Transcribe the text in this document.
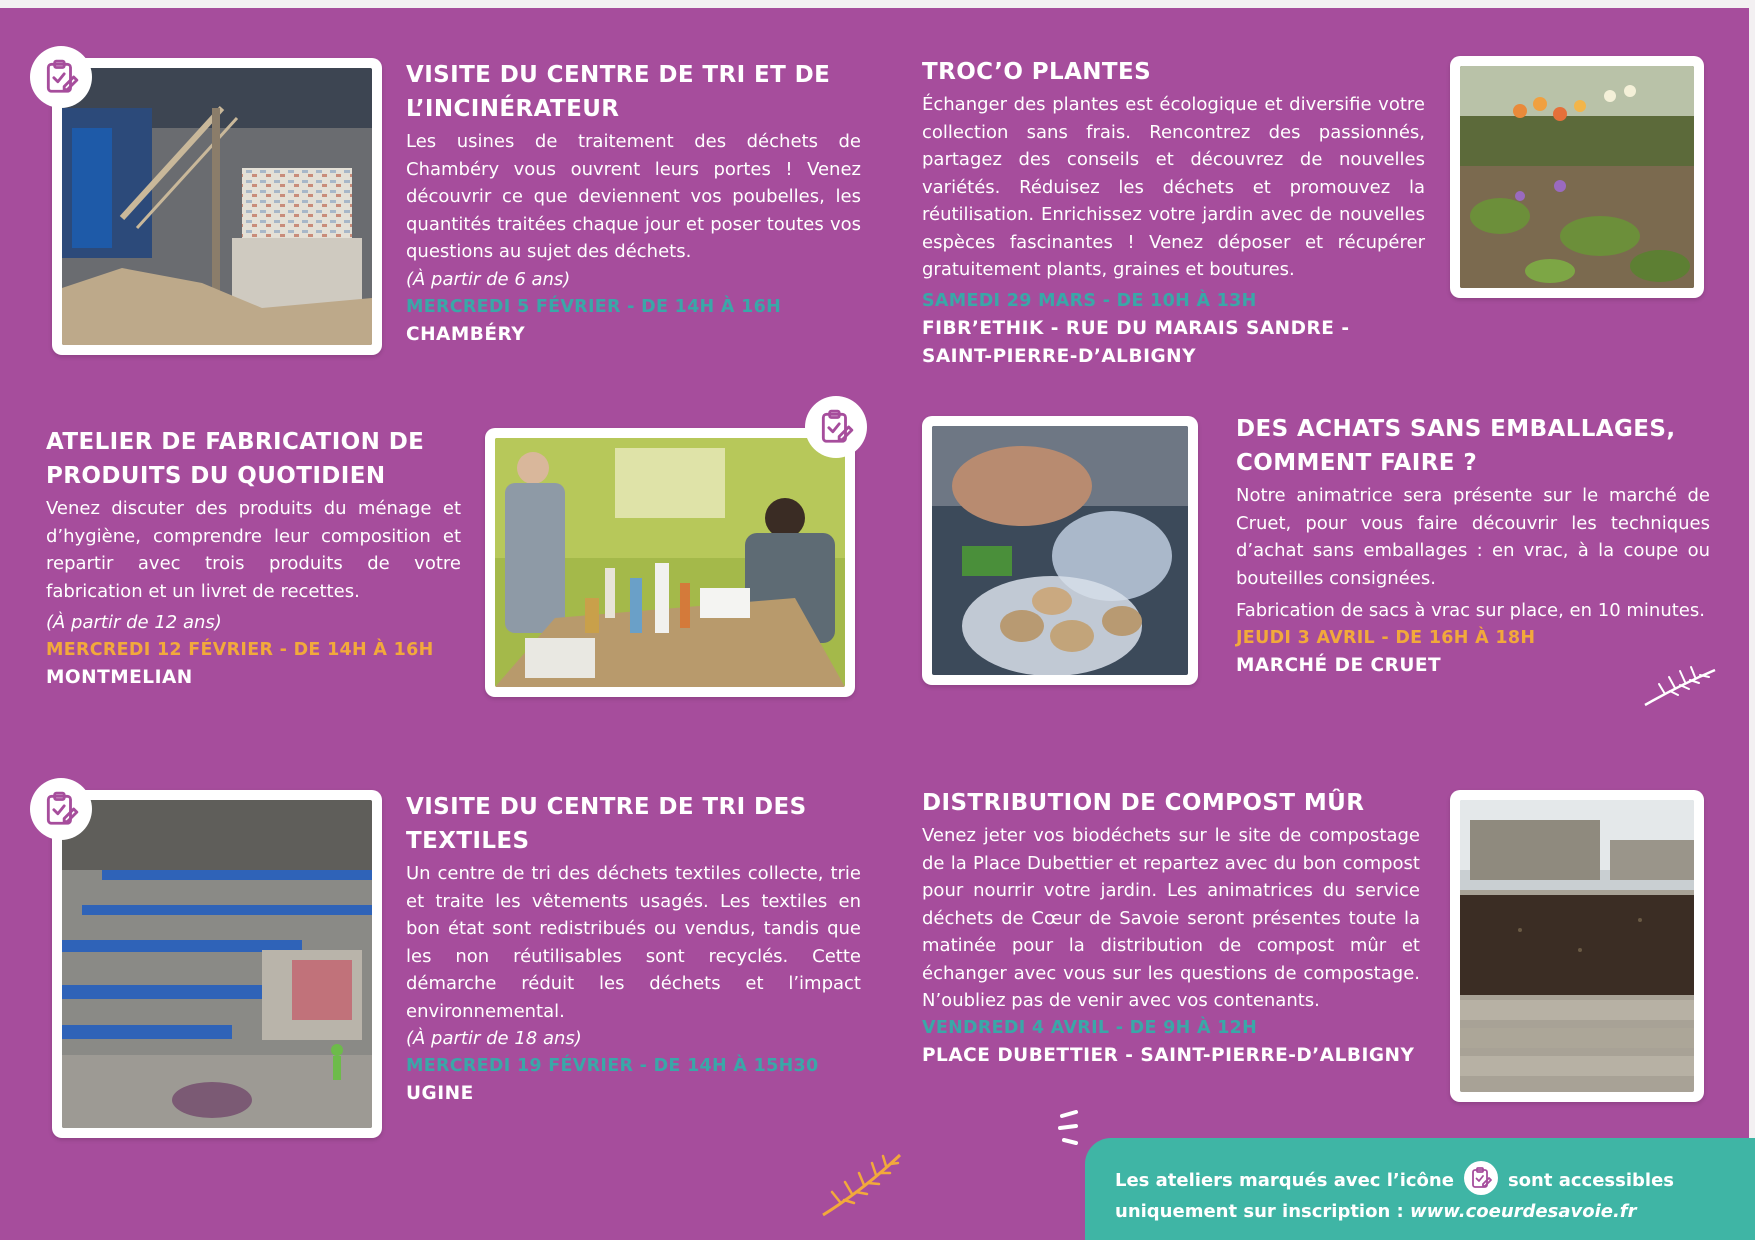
VISITE DU CENTRE DE TRI ET DE L’INCINÉRATEUR

Les usines de traitement des déchets de Chambéry vous ouvrent leurs portes ! Venez découvrir ce que deviennent vos poubelles, les quantités traitées chaque jour et poser toutes vos questions au sujet des déchets.

(À partir de 6 ans)
MERCREDI 5 FÉVRIER - DE 14H À 16H
CHAMBÉRY
ATELIER DE FABRICATION DE PRODUITS DU QUOTIDIEN

Venez discuter des produits du ménage et d’hygiène, comprendre leur composition et repartir avec trois produits de votre fabrication et un livret de recettes.

(À partir de 12 ans)
MERCREDI 12 FÉVRIER - DE 14H À 16H
MONTMELIAN
VISITE DU CENTRE DE TRI DES TEXTILES

Un centre de tri des déchets textiles collecte, trie et traite les vêtements usagés. Les textiles en bon état sont redistribués ou vendus, tandis que les non réutilisables sont recyclés. Cette démarche réduit les déchets et l’impact environnemental.

(À partir de 18 ans)
MERCREDI 19 FÉVRIER - DE 14H À 15H30
UGINE
TROC’O PLANTES

Échanger des plantes est écologique et diversifie votre collection sans frais. Rencontrez des passionnés, partagez des conseils et découvrez de nouvelles variétés. Réduisez les déchets et promouvez la réutilisation. Enrichissez votre jardin avec de nouvelles espèces fascinantes ! Venez déposer et récupérer gratuitement plants, graines et boutures.

SAMEDI 29 MARS - DE 10H À 13H
FIBR’ETHIK - RUE DU MARAIS SANDRE - SAINT-PIERRE-D’ALBIGNY
DES ACHATS SANS EMBALLAGES, COMMENT FAIRE ?

Notre animatrice sera présente sur le marché de Cruet, pour vous faire découvrir les techniques d’achat sans emballages : en vrac, à la coupe ou bouteilles consignées.

Fabrication de sacs à vrac sur place, en 10 minutes.

JEUDI 3 AVRIL - DE 16H À 18H
MARCHÉ DE CRUET
DISTRIBUTION DE COMPOST MÛR

Venez jeter vos biodéchets sur le site de compostage de la Place Dubettier et repartez avec du bon compost pour nourrir votre jardin. Les animatrices du service déchets de Cœur de Savoie seront présentes toute la matinée pour la distribution de compost mûr et échanger avec vous sur les questions de compostage. N’oubliez pas de venir avec vos contenants.

VENDREDI 4 AVRIL - DE 9H À 12H
PLACE DUBETTIER - SAINT-PIERRE-D’ALBIGNY

Les ateliers marqués avec l’icône	sont accessibles
uniquement sur inscription : www.coeurdesavoie.fr
